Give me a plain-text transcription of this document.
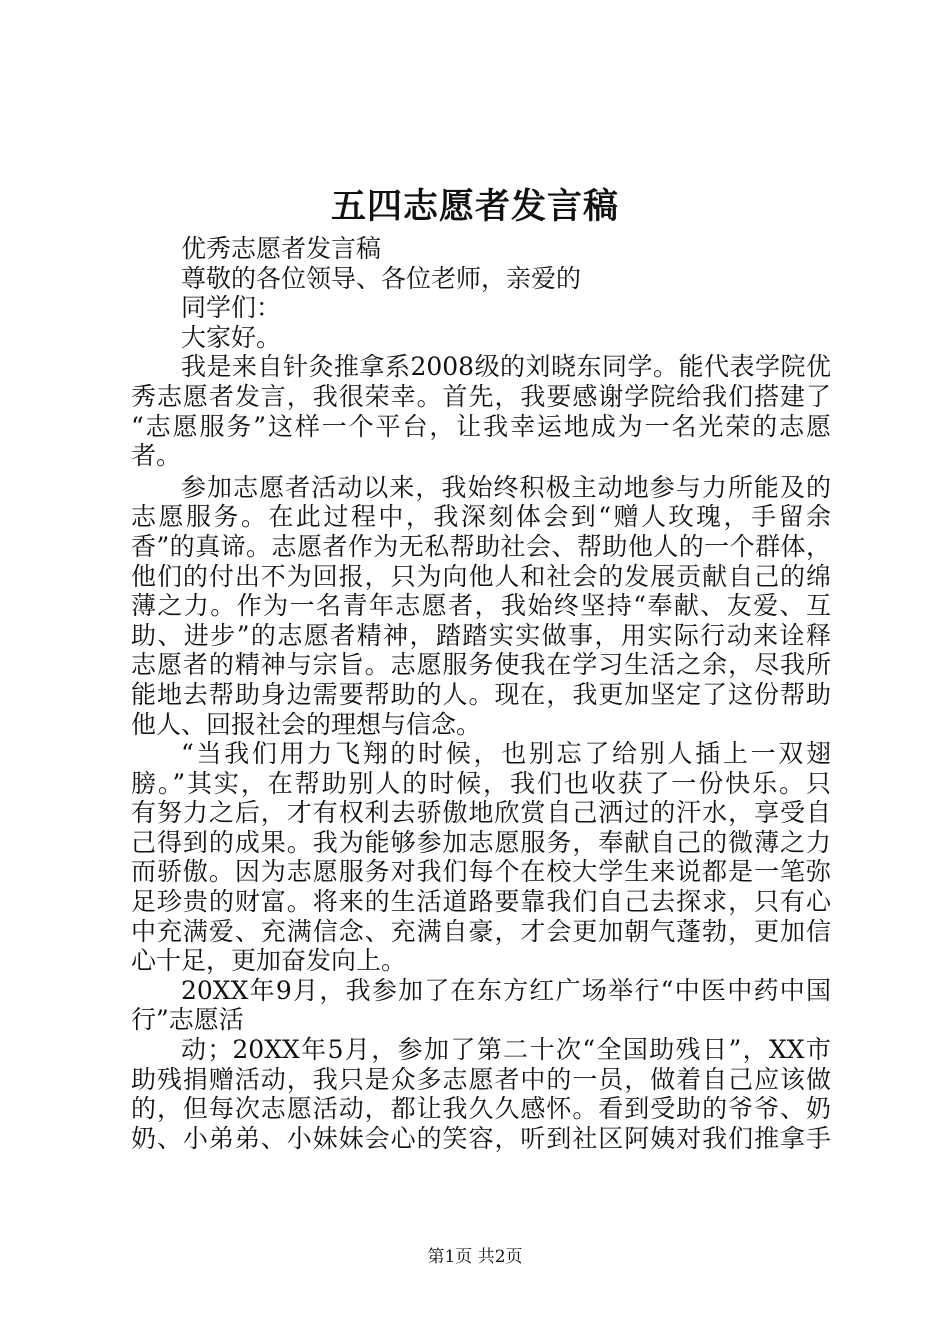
五四志愿者发言稿

优秀志愿者发言稿

尊敬的各位领导、各位老师，亲爱的

同学们：

大家好。

我是来自针灸推拿系2008级的刘晓东同学。能代表学院优

秀志愿者发言，我很荣幸。首先，我要感谢学院给我们搭建了

“志愿服务”这样一个平台，让我幸运地成为一名光荣的志愿

者。

参加志愿者活动以来，我始终积极主动地参与力所能及的

志愿服务。在此过程中，我深刻体会到“赠人玫瑰，手留余

香”的真谛。志愿者作为无私帮助社会、帮助他人的一个群体，

他们的付出不为回报，只为向他人和社会的发展贡献自己的绵

薄之力。作为一名青年志愿者，我始终坚持“奉献、友爱、互

助、进步”的志愿者精神，踏踏实实做事，用实际行动来诠释

志愿者的精神与宗旨。志愿服务使我在学习生活之余，尽我所

能地去帮助身边需要帮助的人。现在，我更加坚定了这份帮助

他人、回报社会的理想与信念。

“当我们用力飞翔的时候，也别忘了给别人插上一双翅

膀。”其实，在帮助别人的时候，我们也收获了一份快乐。只

有努力之后，才有权利去骄傲地欣赏自己洒过的汗水，享受自

己得到的成果。我为能够参加志愿服务，奉献自己的微薄之力

而骄傲。因为志愿服务对我们每个在校大学生来说都是一笔弥

足珍贵的财富。将来的生活道路要靠我们自己去探求，只有心

中充满爱、充满信念、充满自豪，才会更加朝气蓬勃，更加信

心十足，更加奋发向上。

20XX年9月，我参加了在东方红广场举行“中医中药中国

行”志愿活

动；20XX年5月，参加了第二十次“全国助残日”，XX市

助残捐赠活动，我只是众多志愿者中的一员，做着自己应该做

的，但每次志愿活动，都让我久久感怀。看到受助的爷爷、奶

奶、小弟弟、小妹妹会心的笑容，听到社区阿姨对我们推拿手

第1页 共2页
